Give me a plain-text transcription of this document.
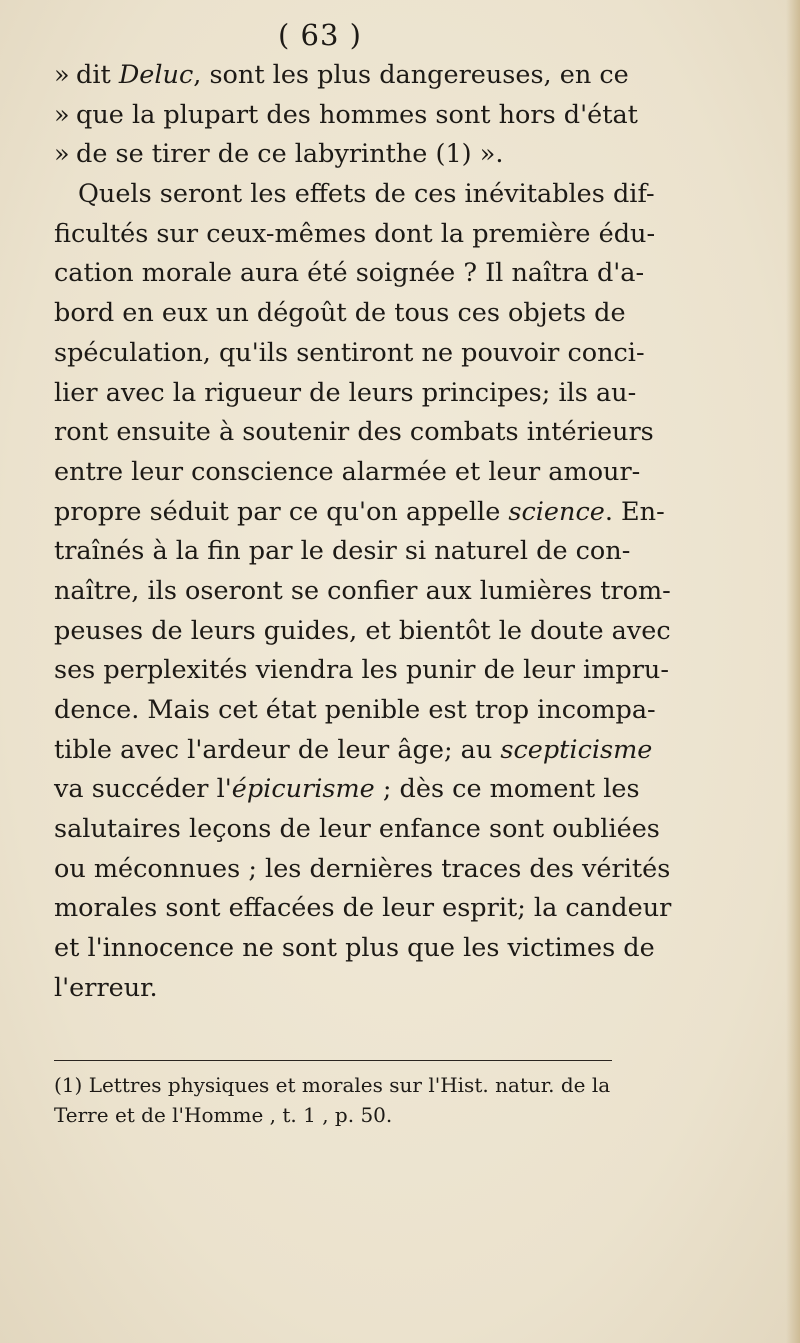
( 63 )
» dit Deluc, sont les plus dangereuses, en ce
» que la plupart des hommes sont hors d'état
» de se tirer de ce labyrinthe (1) ».
Quels seront les effets de ces inévitables dif-
ficultés sur ceux-mêmes dont la première édu-
cation morale aura été soignée ? Il naîtra d'a-
bord en eux un dégoût de tous ces objets de
spéculation, qu'ils sentiront ne pouvoir conci-
lier avec la rigueur de leurs principes; ils au-
ront ensuite à soutenir des combats intérieurs
entre leur conscience alarmée et leur amour-
propre séduit par ce qu'on appelle science. En-
traînés à la fin par le desir si naturel de con-
naître, ils oseront se confier aux lumières trom-
peuses de leurs guides, et bientôt le doute avec
ses perplexités viendra les punir de leur impru-
dence. Mais cet état penible est trop incompa-
tible avec l'ardeur de leur âge; au scepticisme
va succéder l'épicurisme ; dès ce moment les
salutaires leçons de leur enfance sont oubliées
ou méconnues ; les dernières traces des vérités
morales sont effacées de leur esprit; la candeur
et l'innocence ne sont plus que les victimes de
l'erreur.
(1) Lettres physiques et morales sur l'Hist. natur. de la
Terre et de l'Homme , t. 1 , p. 50.
